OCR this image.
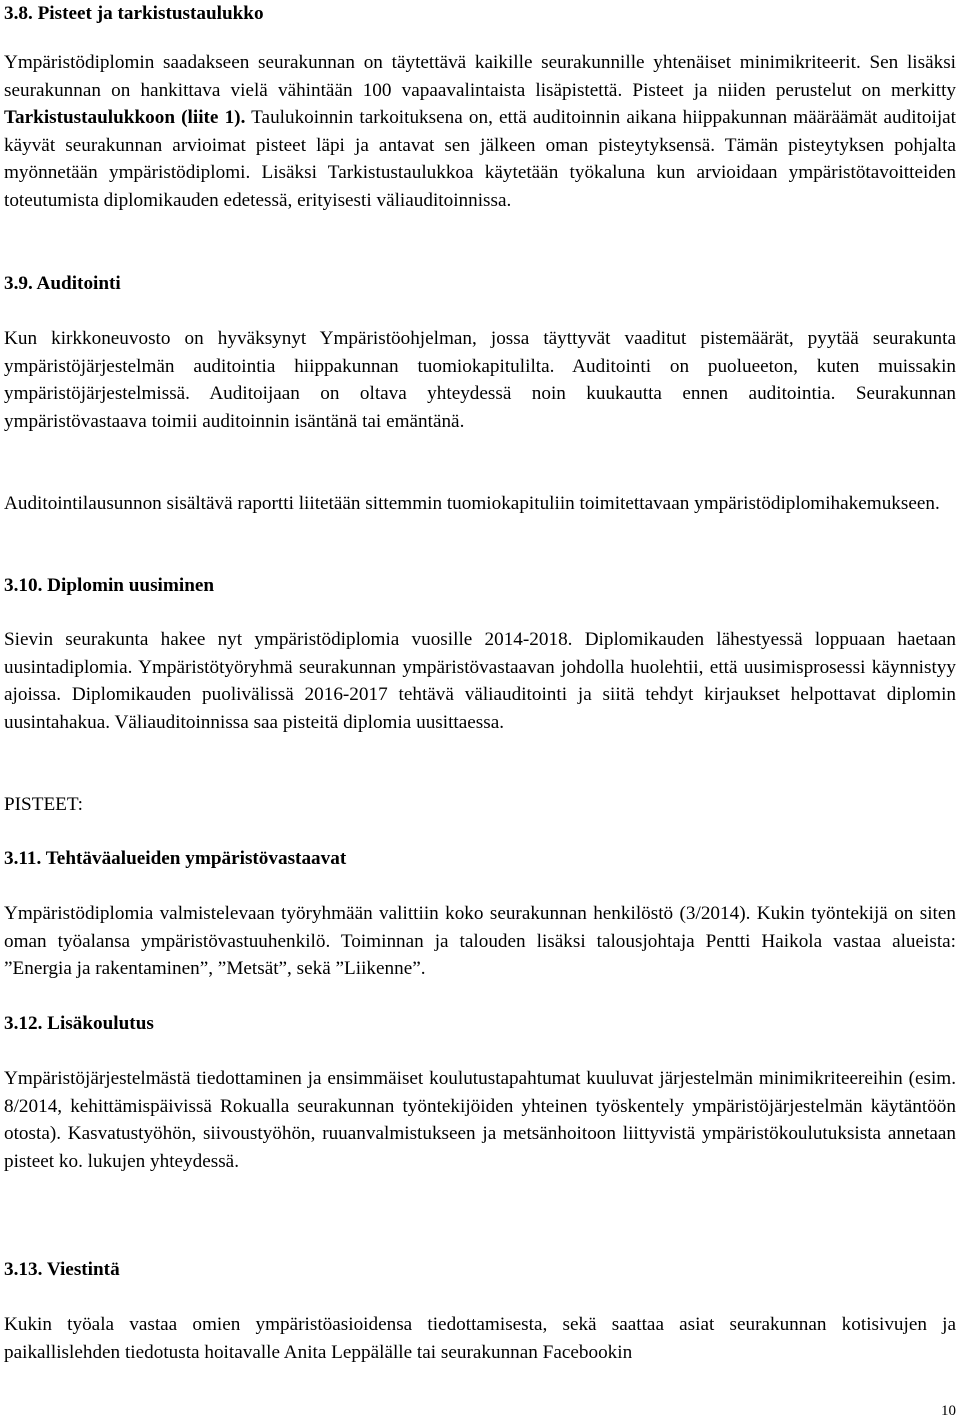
3.8. Pisteet ja tarkistustaulukko

Ympäristödiplomin saadakseen seurakunnan on täytettävä kaikille seurakunnille yhtenäiset minimikriteerit. Sen lisäksi seurakunnan on hankittava vielä vähintään 100 vapaavalintaista lisäpistettä. Pisteet ja niiden perustelut on merkitty Tarkistustaulukkoon (liite 1). Taulukoinnin tarkoituksena on, että auditoinnin aikana hiippakunnan määräämät auditoijat käyvät seurakunnan arvioimat pisteet läpi ja antavat sen jälkeen oman pisteytyksensä. Tämän pisteytyksen pohjalta myönnetään ympäristödiplomi. Lisäksi Tarkistustaulukkoa käytetään työkaluna kun arvioidaan ympäristötavoitteiden toteutumista diplomikauden edetessä, erityisesti väliauditoinnissa.

3.9. Auditointi

Kun kirkkoneuvosto on hyväksynyt Ympäristöohjelman, jossa täyttyvät vaaditut pistemäärät, pyytää seurakunta ympäristöjärjestelmän auditointia hiippakunnan tuomiokapitulilta. Auditointi on puolueeton, kuten muissakin ympäristöjärjestelmissä. Auditoijaan on oltava yhteydessä noin kuukautta ennen auditointia. Seurakunnan ympäristövastaava toimii auditoinnin isäntänä tai emäntänä.

Auditointilausunnon sisältävä raportti liitetään sittemmin tuomiokapituliin toimitettavaan ympäristödiplomihakemukseen.

3.10. Diplomin uusiminen

Sievin seurakunta hakee nyt ympäristödiplomia vuosille 2014-2018. Diplomikauden lähestyessä loppuaan haetaan uusintadiplomia. Ympäristötyöryhmä seurakunnan ympäristövastaavan johdolla huolehtii, että uusimisprosessi käynnistyy ajoissa. Diplomikauden puolivälissä 2016-2017 tehtävä väliauditointi ja siitä tehdyt kirjaukset helpottavat diplomin uusintahakua. Väliauditoinnissa saa pisteitä diplomia uusittaessa.

PISTEET:

3.11. Tehtäväalueiden ympäristövastaavat

Ympäristödiplomia valmistelevaan työryhmään valittiin koko seurakunnan henkilöstö (3/2014). Kukin työntekijä on siten oman työalansa ympäristövastuuhenkilö. Toiminnan ja talouden lisäksi talousjohtaja Pentti Haikola vastaa alueista: ”Energia ja rakentaminen”, ”Metsät”, sekä ”Liikenne”.

3.12. Lisäkoulutus

Ympäristöjärjestelmästä tiedottaminen ja ensimmäiset koulutustapahtumat kuuluvat järjestelmän minimikriteereihin (esim. 8/2014, kehittämispäivissä Rokualla seurakunnan työntekijöiden yhteinen työskentely ympäristöjärjestelmän käytäntöön otosta). Kasvatustyöhön, siivoustyöhön, ruuanvalmistukseen ja metsänhoitoon liittyvistä ympäristökoulutuksista annetaan pisteet ko. lukujen yhteydessä.

3.13. Viestintä

Kukin työala vastaa omien ympäristöasioidensa tiedottamisesta, sekä saattaa asiat seurakunnan kotisivujen ja paikallislehden tiedotusta hoitavalle Anita Leppälälle tai seurakunnan Facebookin

10
